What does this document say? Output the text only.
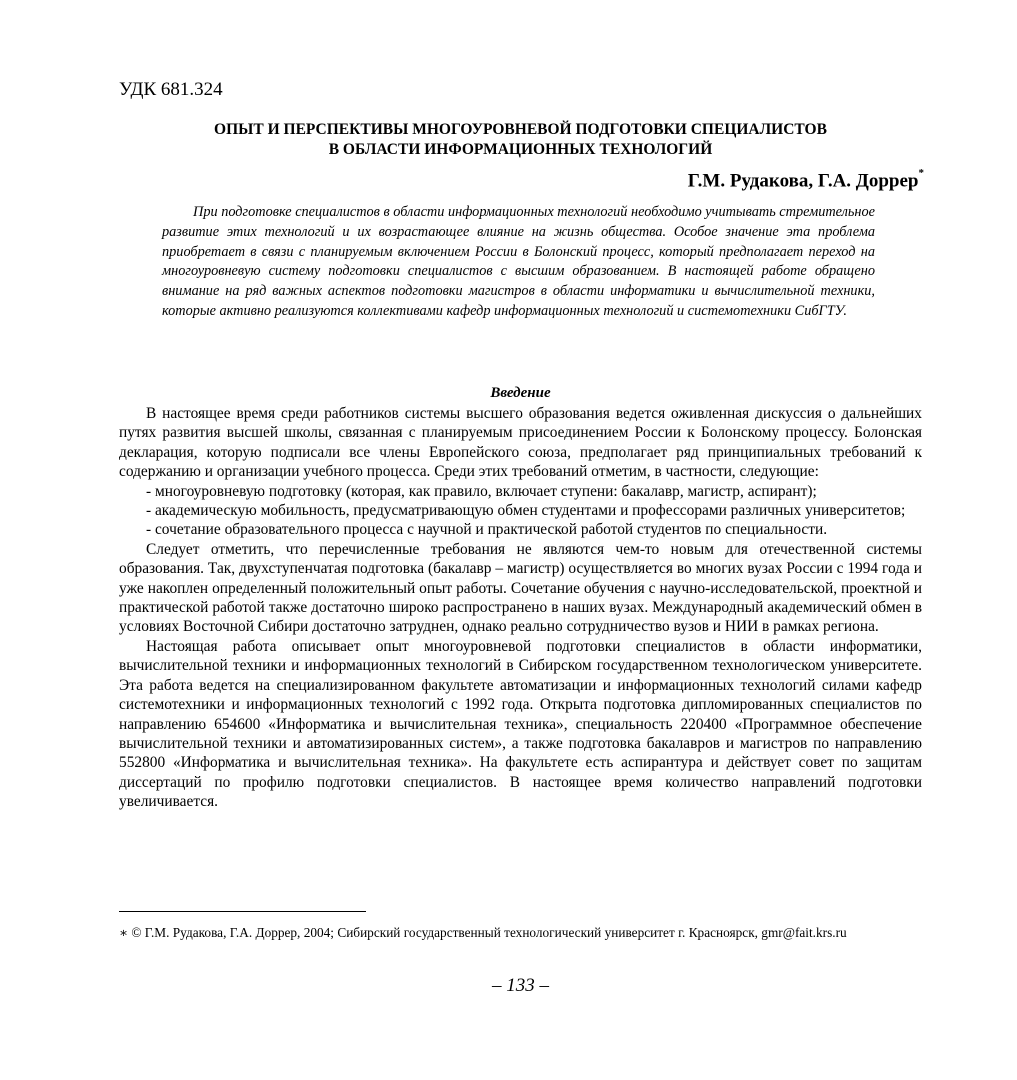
УДК 681.324
ОПЫТ И ПЕРСПЕКТИВЫ МНОГОУРОВНЕВОЙ ПОДГОТОВКИ СПЕЦИАЛИСТОВ
В ОБЛАСТИ ИНФОРМАЦИОННЫХ ТЕХНОЛОГИЙ
Г.М. Рудакова, Г.А. Доррер*
При подготовке специалистов в области информационных технологий необходимо учитывать стремительное развитие этих технологий и их возрастающее влияние на жизнь общества. Особое значение эта проблема приобретает в связи с планируемым включением России в Болонский процесс, который предполагает переход на многоуровневую систему подготовки специалистов с высшим образованием. В настоящей работе обращено внимание на ряд важных аспектов подготовки магистров в области информатики и вычислительной техники, которые активно реализуются коллективами кафедр информационных технологий и системотехники СибГТУ.
Введение

В настоящее время среди работников системы высшего образования ведется оживленная дискуссия о дальнейших путях развития высшей школы, связанная с планируемым присоединением России к Болонскому процессу. Болонская декларация, которую подписали все члены Европейского союза, предполагает ряд принципиальных требований к содержанию и организации учебного процесса. Среди этих требований отметим, в частности, следующие:

- многоуровневую подготовку (которая, как правило, включает ступени: бакалавр, магистр, аспирант);

- академическую мобильность, предусматривающую обмен студентами и профессорами различных университетов;

- сочетание образовательного процесса с научной и практической работой студентов по специальности.

Следует отметить, что перечисленные требования не являются чем-то новым для отечественной системы образования. Так, двухступенчатая подготовка (бакалавр – магистр) осуществляется во многих вузах России с 1994 года и уже накоплен определенный положительный опыт работы. Сочетание обучения с научно-исследовательской, проектной и практической работой также достаточно широко распространено в наших вузах. Международный академический обмен в условиях Восточной Сибири достаточно затруднен, однако реально сотрудничество вузов и НИИ в рамках региона.

Настоящая работа описывает опыт многоуровневой подготовки специалистов в области информатики, вычислительной техники и информационных технологий в Сибирском государственном технологическом университете. Эта работа ведется на специализированном факультете автоматизации и информационных технологий силами кафедр системотехники и информационных технологий с 1992 года. Открыта подготовка дипломированных специалистов по направлению 654600 «Информатика и вычислительная техника», специальность 220400 «Программное обеспечение вычислительной техники и автоматизированных систем», а также подготовка бакалавров и магистров по направлению 552800 «Информатика и вычислительная техника». На факультете есть аспирантура и действует совет по защитам диссертаций по профилю подготовки специалистов. В настоящее время количество направлений подготовки увеличивается.

∗ © Г.М. Рудакова, Г.А. Доррер, 2004; Сибирский государственный технологический университет г. Красноярск, gmr@fait.krs.ru
– 133 –
